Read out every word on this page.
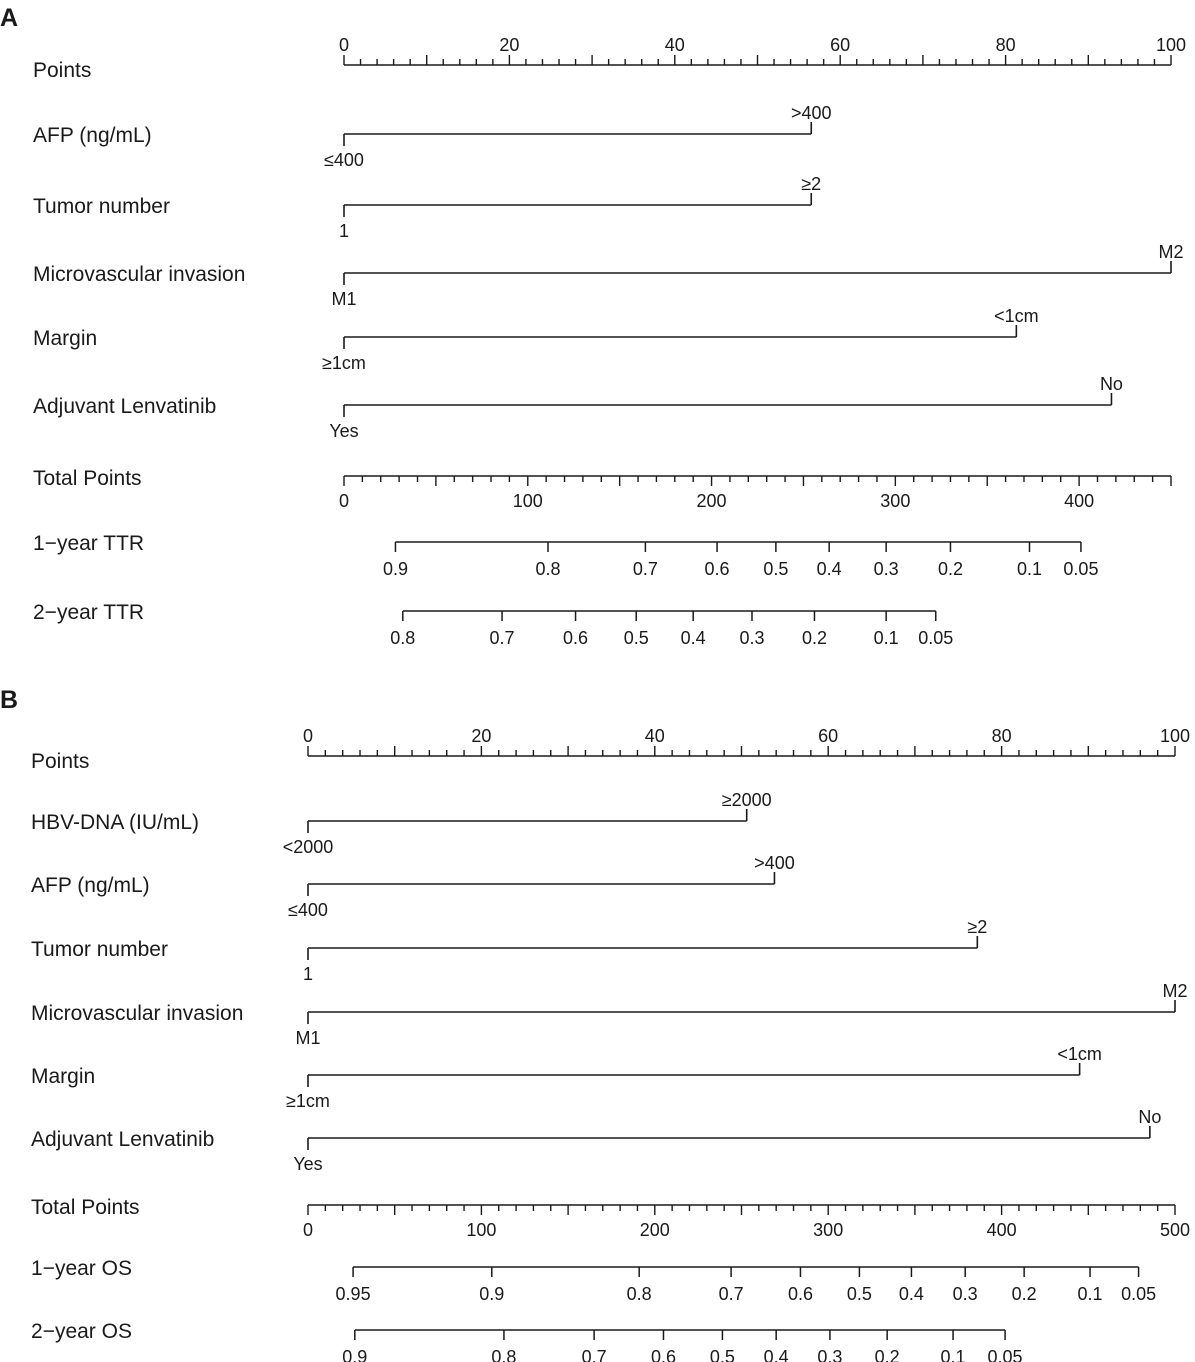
A
Points
0	20	40	60	80	100
AFP (ng/mL)
≤400
>400
Tumor number
1
≥2
Microvascular invasion
M1
M2
Margin
≥1cm
<1cm
Adjuvant Lenvatinib
Yes
No
Total Points
0	100	200	300	400
1−year TTR
0.9	0.8	0.7	0.6 0.5 0.4 0.3 0.2	0.1 0.05
2−year TTR
0.8	0.7	0.6 0.5 0.4 0.3 0.2	0.1 0.05
B
Points
0	20	40	60	80	100
HBV-DNA (IU/mL)
<2000
≥2000
AFP (ng/mL)
≤400
>400
Tumor number
1
≥2
Microvascular invasion
M1
M2
Margin
≥1cm
<1cm
Adjuvant Lenvatinib
Yes
No
Total Points
0	100	200	300	400	500
1−year OS
0.95	0.9	0.8	0.7 0.6 0.5 0.4 0.3 0.2 0.1 0.05
2−year OS
0.9	0.8	0.7 0.6 0.5 0.4 0.3 0.2 0.1 0.05
